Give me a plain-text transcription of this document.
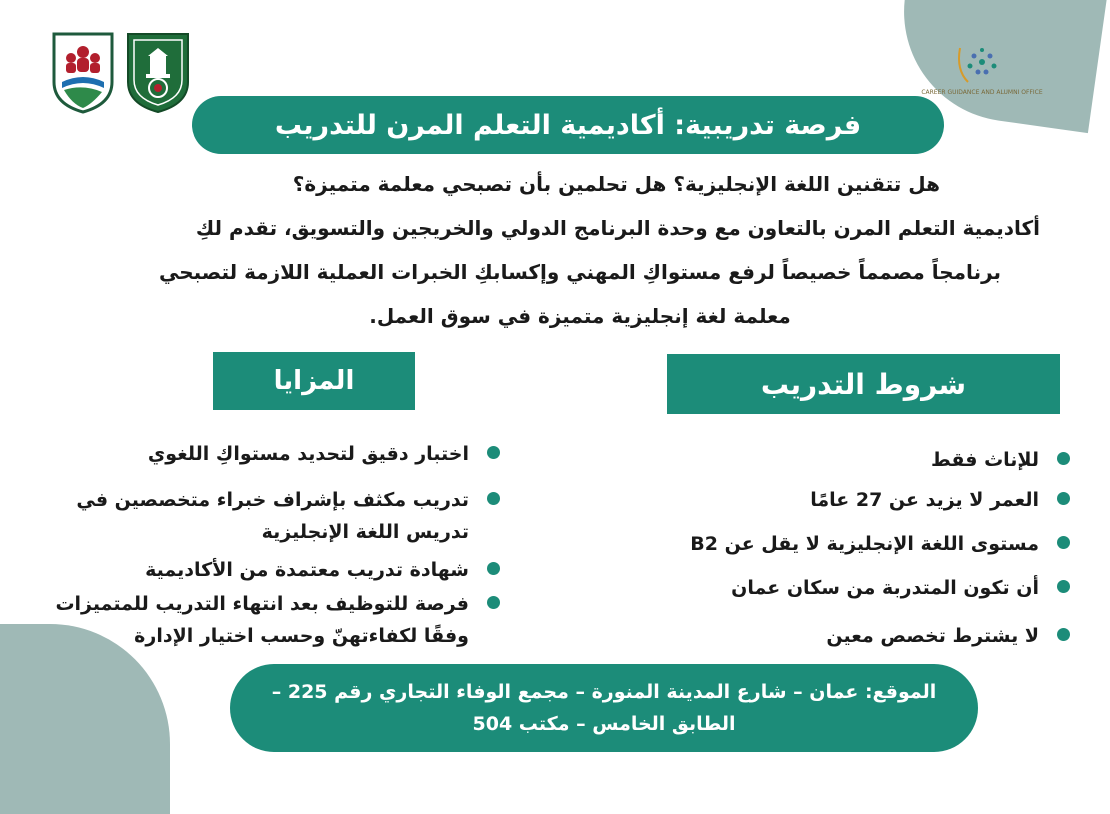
CAREER GUIDANCE AND ALUMNI OFFICE
فرصة تدريبية: أكاديمية التعلم المرن للتدريب

هل تتقنين اللغة الإنجليزية؟ هل تحلمين بأن تصبحي معلمة متميزة؟

أكاديمية التعلم المرن بالتعاون مع وحدة البرنامج الدولي والخريجين والتسويق، تقدم لكِ

برنامجاً مصمماً خصيصاً لرفع مستواكِ المهني وإكسابكِ الخبرات العملية اللازمة لتصبحي

معلمة لغة إنجليزية متميزة في سوق العمل.

المزايا	شروط التدريب
اختبار دقيق لتحديد مستواكِ اللغوي
تدريب مكثف بإشراف خبراء متخصصين في تدريس اللغة الإنجليزية
شهادة تدريب معتمدة من الأكاديمية
فرصة للتوظيف بعد انتهاء التدريب للمتميزات وفقًا لكفاءتهنّ وحسب اختيار الإدارة
للإناث فقط
العمر لا يزيد عن 27 عامًا
مستوى اللغة الإنجليزية لا يقل عن B2
أن تكون المتدربة من سكان عمان
لا يشترط تخصص معين
الموقع: عمان – شارع المدينة المنورة – مجمع الوفاء التجاري رقم 225 – الطابق الخامس – مكتب 504
